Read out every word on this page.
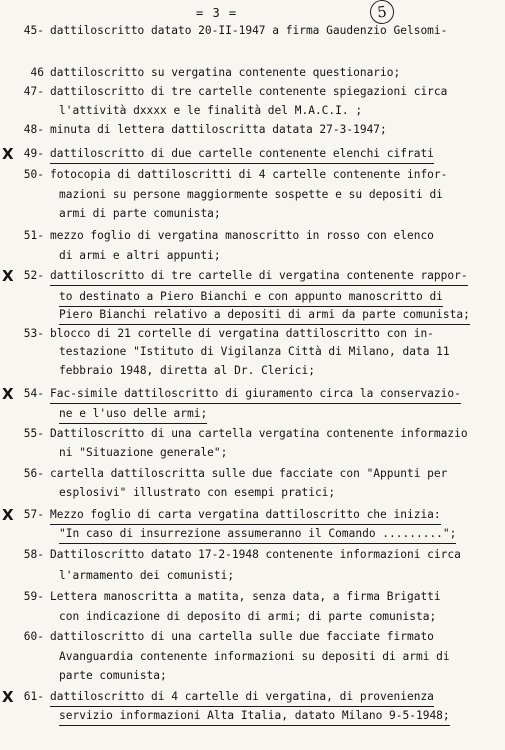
= 3 =	5
45- dattiloscritto datato 20-II-1947 a firma Gaudenzio Gelsomi-
46 dattiloscritto su vergatina contenente questionario;
47- dattiloscritto di tre cartelle contenente spiegazioni circa
l'attività dxxxx e le finalità del M.A.C.I. ;
48- minuta di lettera dattiloscritta datata 27-3-1947;
X 49- dattiloscritto di due cartelle contenente elenchi cifrati
50- fotocopia di dattiloscritti di 4 cartelle contenente infor-
mazioni su persone maggiormente sospette e su depositi di
armi di parte comunista;
51- mezzo foglio di vergatina manoscritto in rosso con elenco
di armi e altri appunti;
X 52- dattiloscritto di tre cartelle di vergatina contenente rappor-
to destinato a Piero Bianchi e con appunto manoscritto di
Piero Bianchi relativo a depositi di armi da parte comunista;
53- blocco di 21 cortelle di vergatina dattiloscritto con in-
testazione "Istituto di Vigilanza Città di Milano, data 11
febbraio 1948, diretta al Dr. Clerici;
X 54- Fac-simile dattiloscritto di giuramento circa la conservazio-
ne e l'uso delle armi;
55- Dattiloscritto di una cartella vergatina contenente informazio
ni "Situazione generale";
56- cartella dattiloscritta sulle due facciate con "Appunti per
esplosivi" illustrato con esempi pratici;
X 57- Mezzo foglio di carta vergatina dattiloscritto che inizia:
"In caso di insurrezione assumeranno il Comando .........";
58- Dattiloscritto datato 17-2-1948 contenente informazioni circa
l'armamento dei comunisti;
59- Lettera manoscritta a matita, senza data, a firma Brigatti
con indicazione di deposito di armi; di parte comunista;
60- dattiloscritto di una cartella sulle due facciate firmato
Avanguardia contenente informazioni su depositi di armi di
parte comunista;
X 61- dattiloscritto di 4 cartelle di vergatina, di provenienza
servizio informazioni Alta Italia, datato Milano 9-5-1948;
